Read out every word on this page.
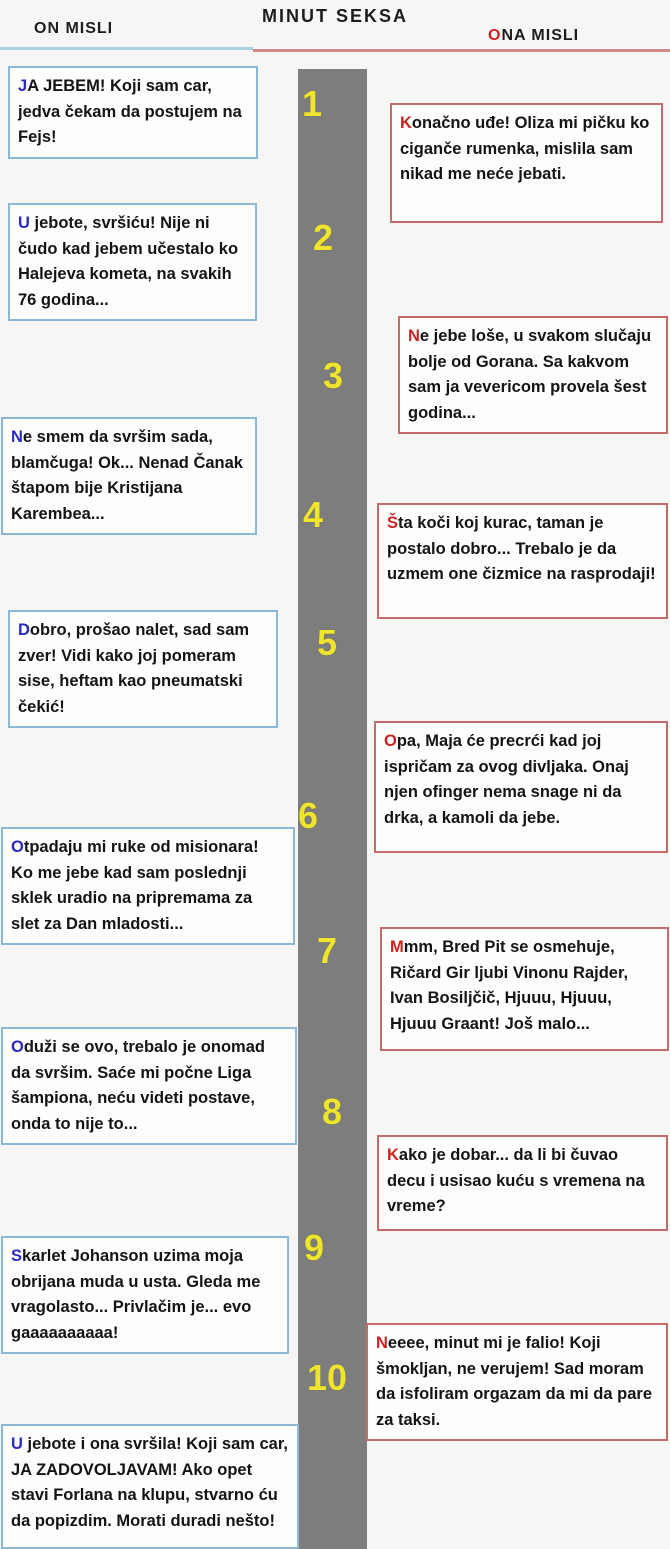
MINUT SEKSA
ON MISLI	ONA MISLI
1
2
3
4
5
6
7
8
9
10
JA JEBEM! Koji sam car, jedva čekam da postujem na Fejs!
U jebote, svršiću! Nije ni čudo kad jebem učestalo ko Halejeva kometa, na svakih 76 godina...
Ne smem da svršim sada, blamčuga! Ok... Nenad Čanak štapom bije Kristijana Karembea...
Dobro, prošao nalet, sad sam zver! Vidi kako joj pomeram sise, heftam kao pneumatski čekić!
Otpadaju mi ruke od misionara! Ko me jebe kad sam poslednji sklek uradio na pripremama za slet za Dan mladosti...
Oduži se ovo, trebalo je onomad da svršim. Saće mi počne Liga šampiona, neću videti postave, onda to nije to...
Skarlet Johanson uzima moja obrijana muda u usta. Gleda me vragolasto... Privlačim je... evo gaaaaaaaaaa!
U jebote i ona svršila! Koji sam car, JA ZADOVOLJAVAM! Ako opet stavi Forlana na klupu, stvarno ću da popizdim. Morati duradi nešto!
Konačno uđe! Oliza mi pičku ko ciganče rumenka, mislila sam nikad me neće jebati.
Ne jebe loše, u svakom slučaju bolje od Gorana. Sa kakvom sam ja vevericom provela šest godina...
Šta koči koj kurac, taman je postalo dobro... Trebalo je da uzmem one čizmice na rasprodaji!
Opa, Maja će precrći kad joj ispričam za ovog divljaka. Onaj njen ofinger nema snage ni da drka, a kamoli da jebe.
Mmm, Bred Pit se osmehuje, Ričard Gir ljubi Vinonu Rajder, Ivan Bosiljčič, Hjuuu, Hjuuu, Hjuuu Graant! Još malo...
Kako je dobar... da li bi čuvao decu i usisao kuću s vremena na vreme?
Neeee, minut mi je falio! Koji šmokljan, ne verujem! Sad moram da isfoliram orgazam da mi da pare za taksi.
